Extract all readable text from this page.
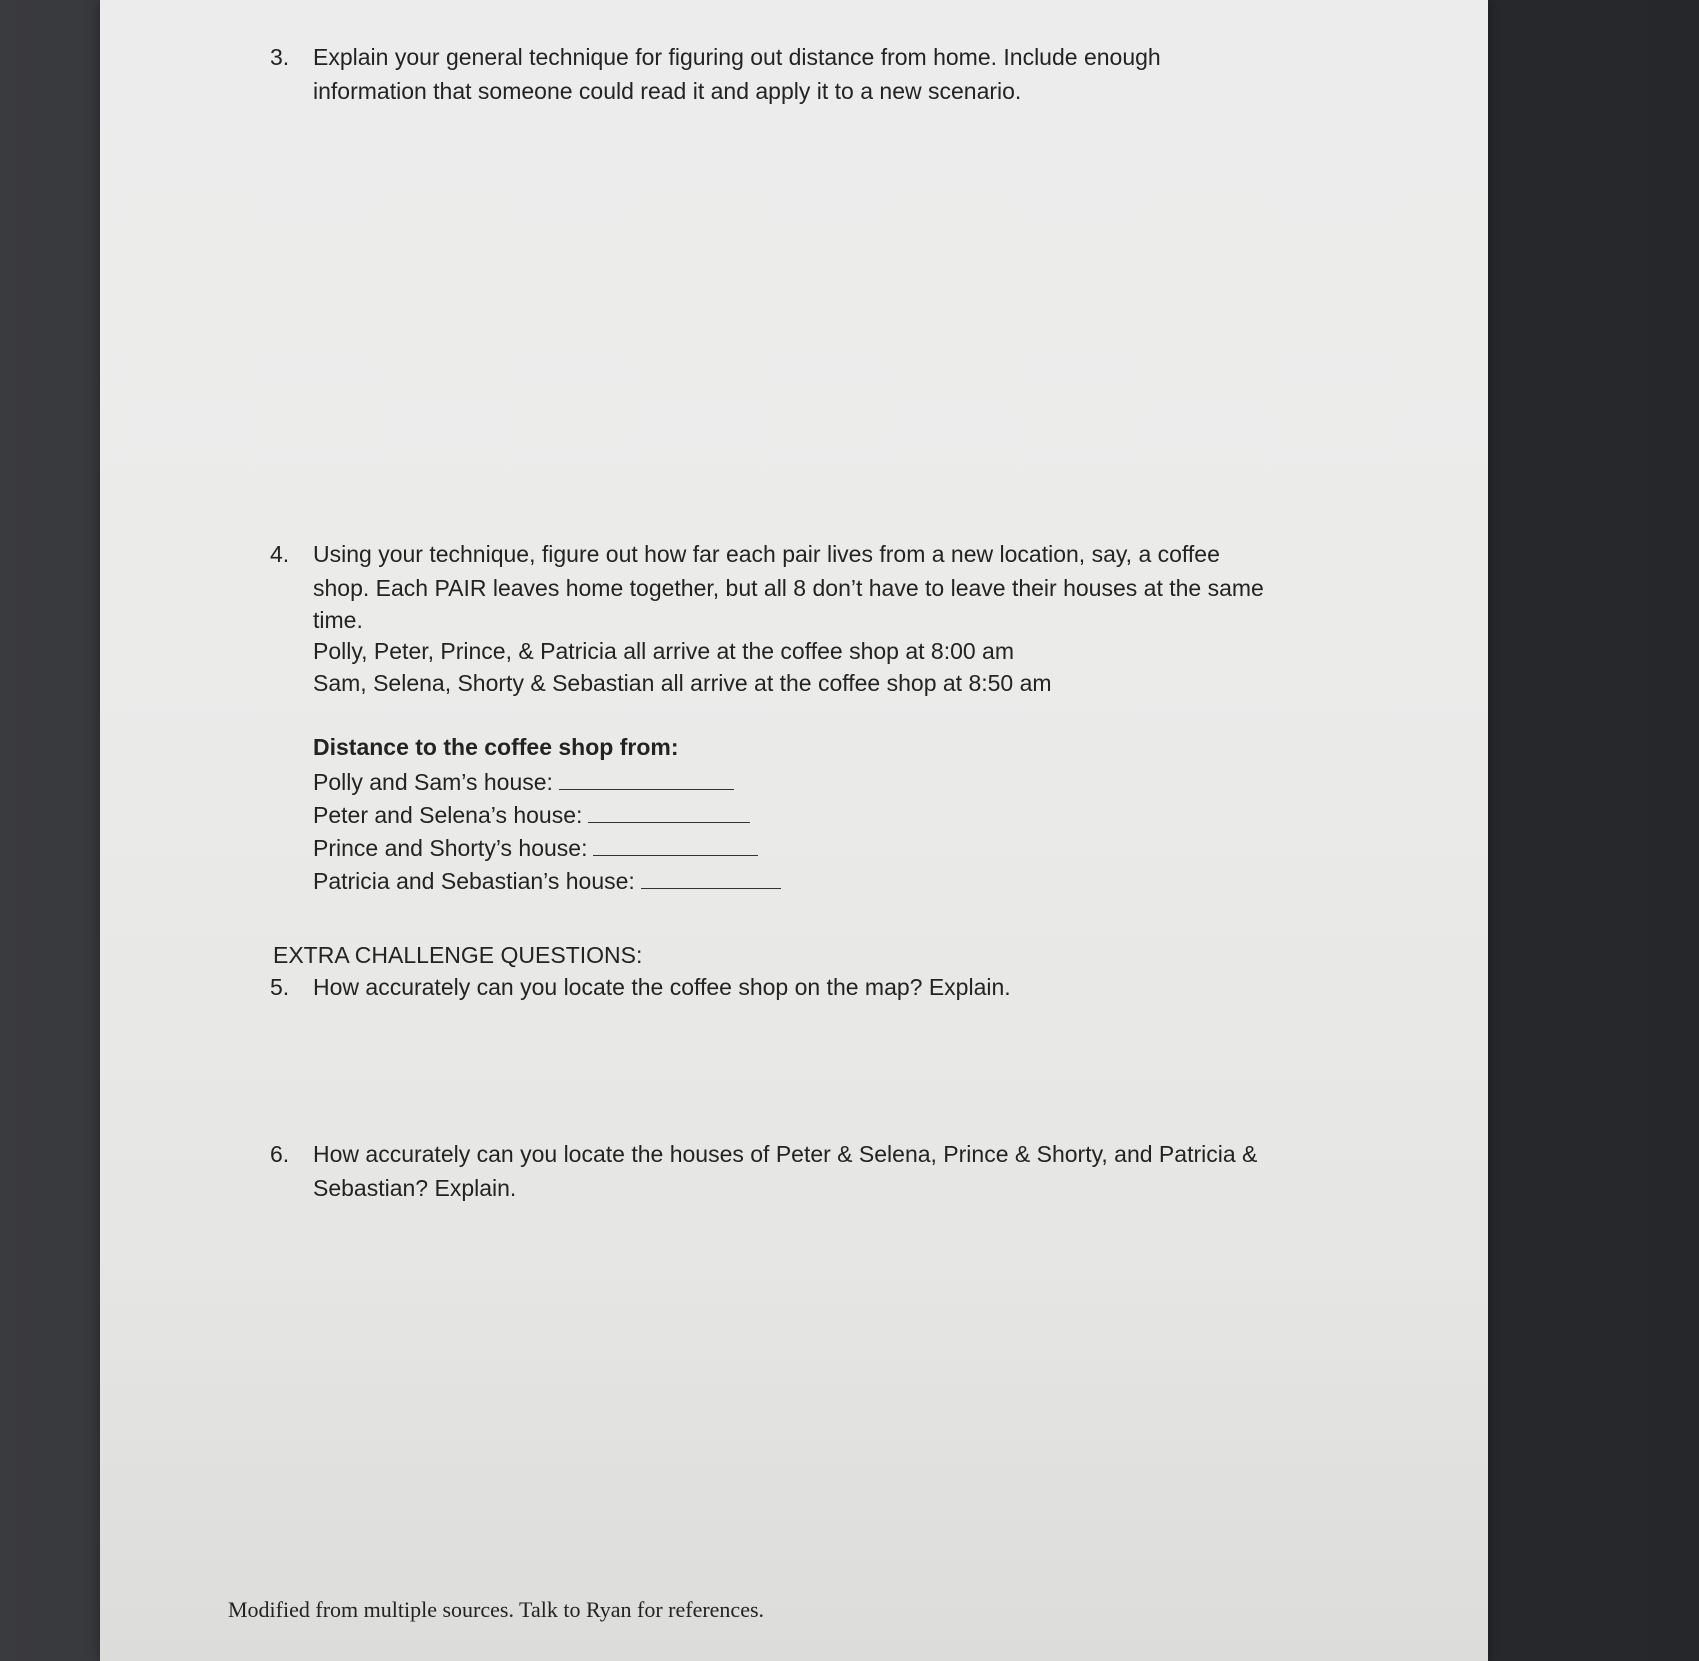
3.	Explain your general technique for figuring out distance from home. Include enough
information that someone could read it and apply it to a new scenario.
4.	Using your technique, figure out how far each pair lives from a new location, say, a coffee
shop. Each PAIR leaves home together, but all 8 don’t have to leave their houses at the same
time.
Polly, Peter, Prince, & Patricia all arrive at the coffee shop at 8:00 am
Sam, Selena, Shorty & Sebastian all arrive at the coffee shop at 8:50 am
Distance to the coffee shop from:
Polly and Sam’s house:
Peter and Selena’s house:
Prince and Shorty’s house:
Patricia and Sebastian’s house:
EXTRA CHALLENGE QUESTIONS:
5.	How accurately can you locate the coffee shop on the map? Explain.
6.	How accurately can you locate the houses of Peter & Selena, Prince & Shorty, and Patricia &
Sebastian? Explain.
Modified from multiple sources. Talk to Ryan for references.
